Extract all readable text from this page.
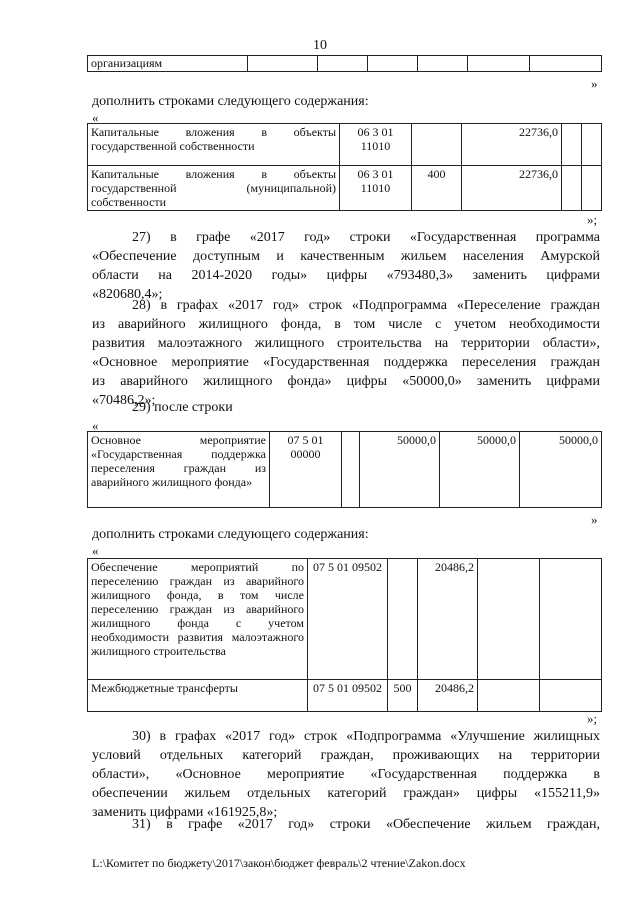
10
организациям						
»
дополнить строками следующего содержания:
«
Капитальные вложения в объекты государственной собственности	06 3 01 11010		22736,0		
Капитальные вложения в объекты государственной (муниципальной) собственности	06 3 01 11010	400	22736,0		
»;
27) в графе «2017 год» строки «Государственная программа
«Обеспечение доступным и качественным жильем населения Амурской
области на 2014-2020 годы» цифры «793480,3» заменить цифрами
«820680,4»;
28) в графах «2017 год» строк «Подпрограмма «Переселение граждан
из аварийного жилищного фонда, в том числе с учетом необходимости
развития малоэтажного жилищного строительства на территории области»,
«Основное мероприятие «Государственная поддержка переселения граждан
из аварийного жилищного фонда» цифры «50000,0» заменить цифрами
«70486,2»;
29) после строки
«
Основное мероприятие «Государственная поддержка переселения граждан из аварийного жилищного фонда»	07 5 01 00000		50000,0	50000,0	50000,0
»
дополнить строками следующего содержания:
«
Обеспечение мероприятий по переселению граждан из аварийного жилищного фонда, в том числе переселению граждан из аварийного жилищного фонда с учетом необходимости развития малоэтажного жилищного строительства	07 5 01 09502		20486,2		
Межбюджетные трансферты	07 5 01 09502	500	20486,2		
»;
30) в графах «2017 год» строк «Подпрограмма «Улучшение жилищных
условий отдельных категорий граждан, проживающих на территории
области», «Основное мероприятие «Государственная поддержка в
обеспечении жильем отдельных категорий граждан» цифры «155211,9»
заменить цифрами «161925,8»;
31) в графе «2017 год» строки «Обеспечение жильем граждан,
L:\Комитет по бюджету\2017\закон\бюджет февраль\2 чтение\Zakon.docx
